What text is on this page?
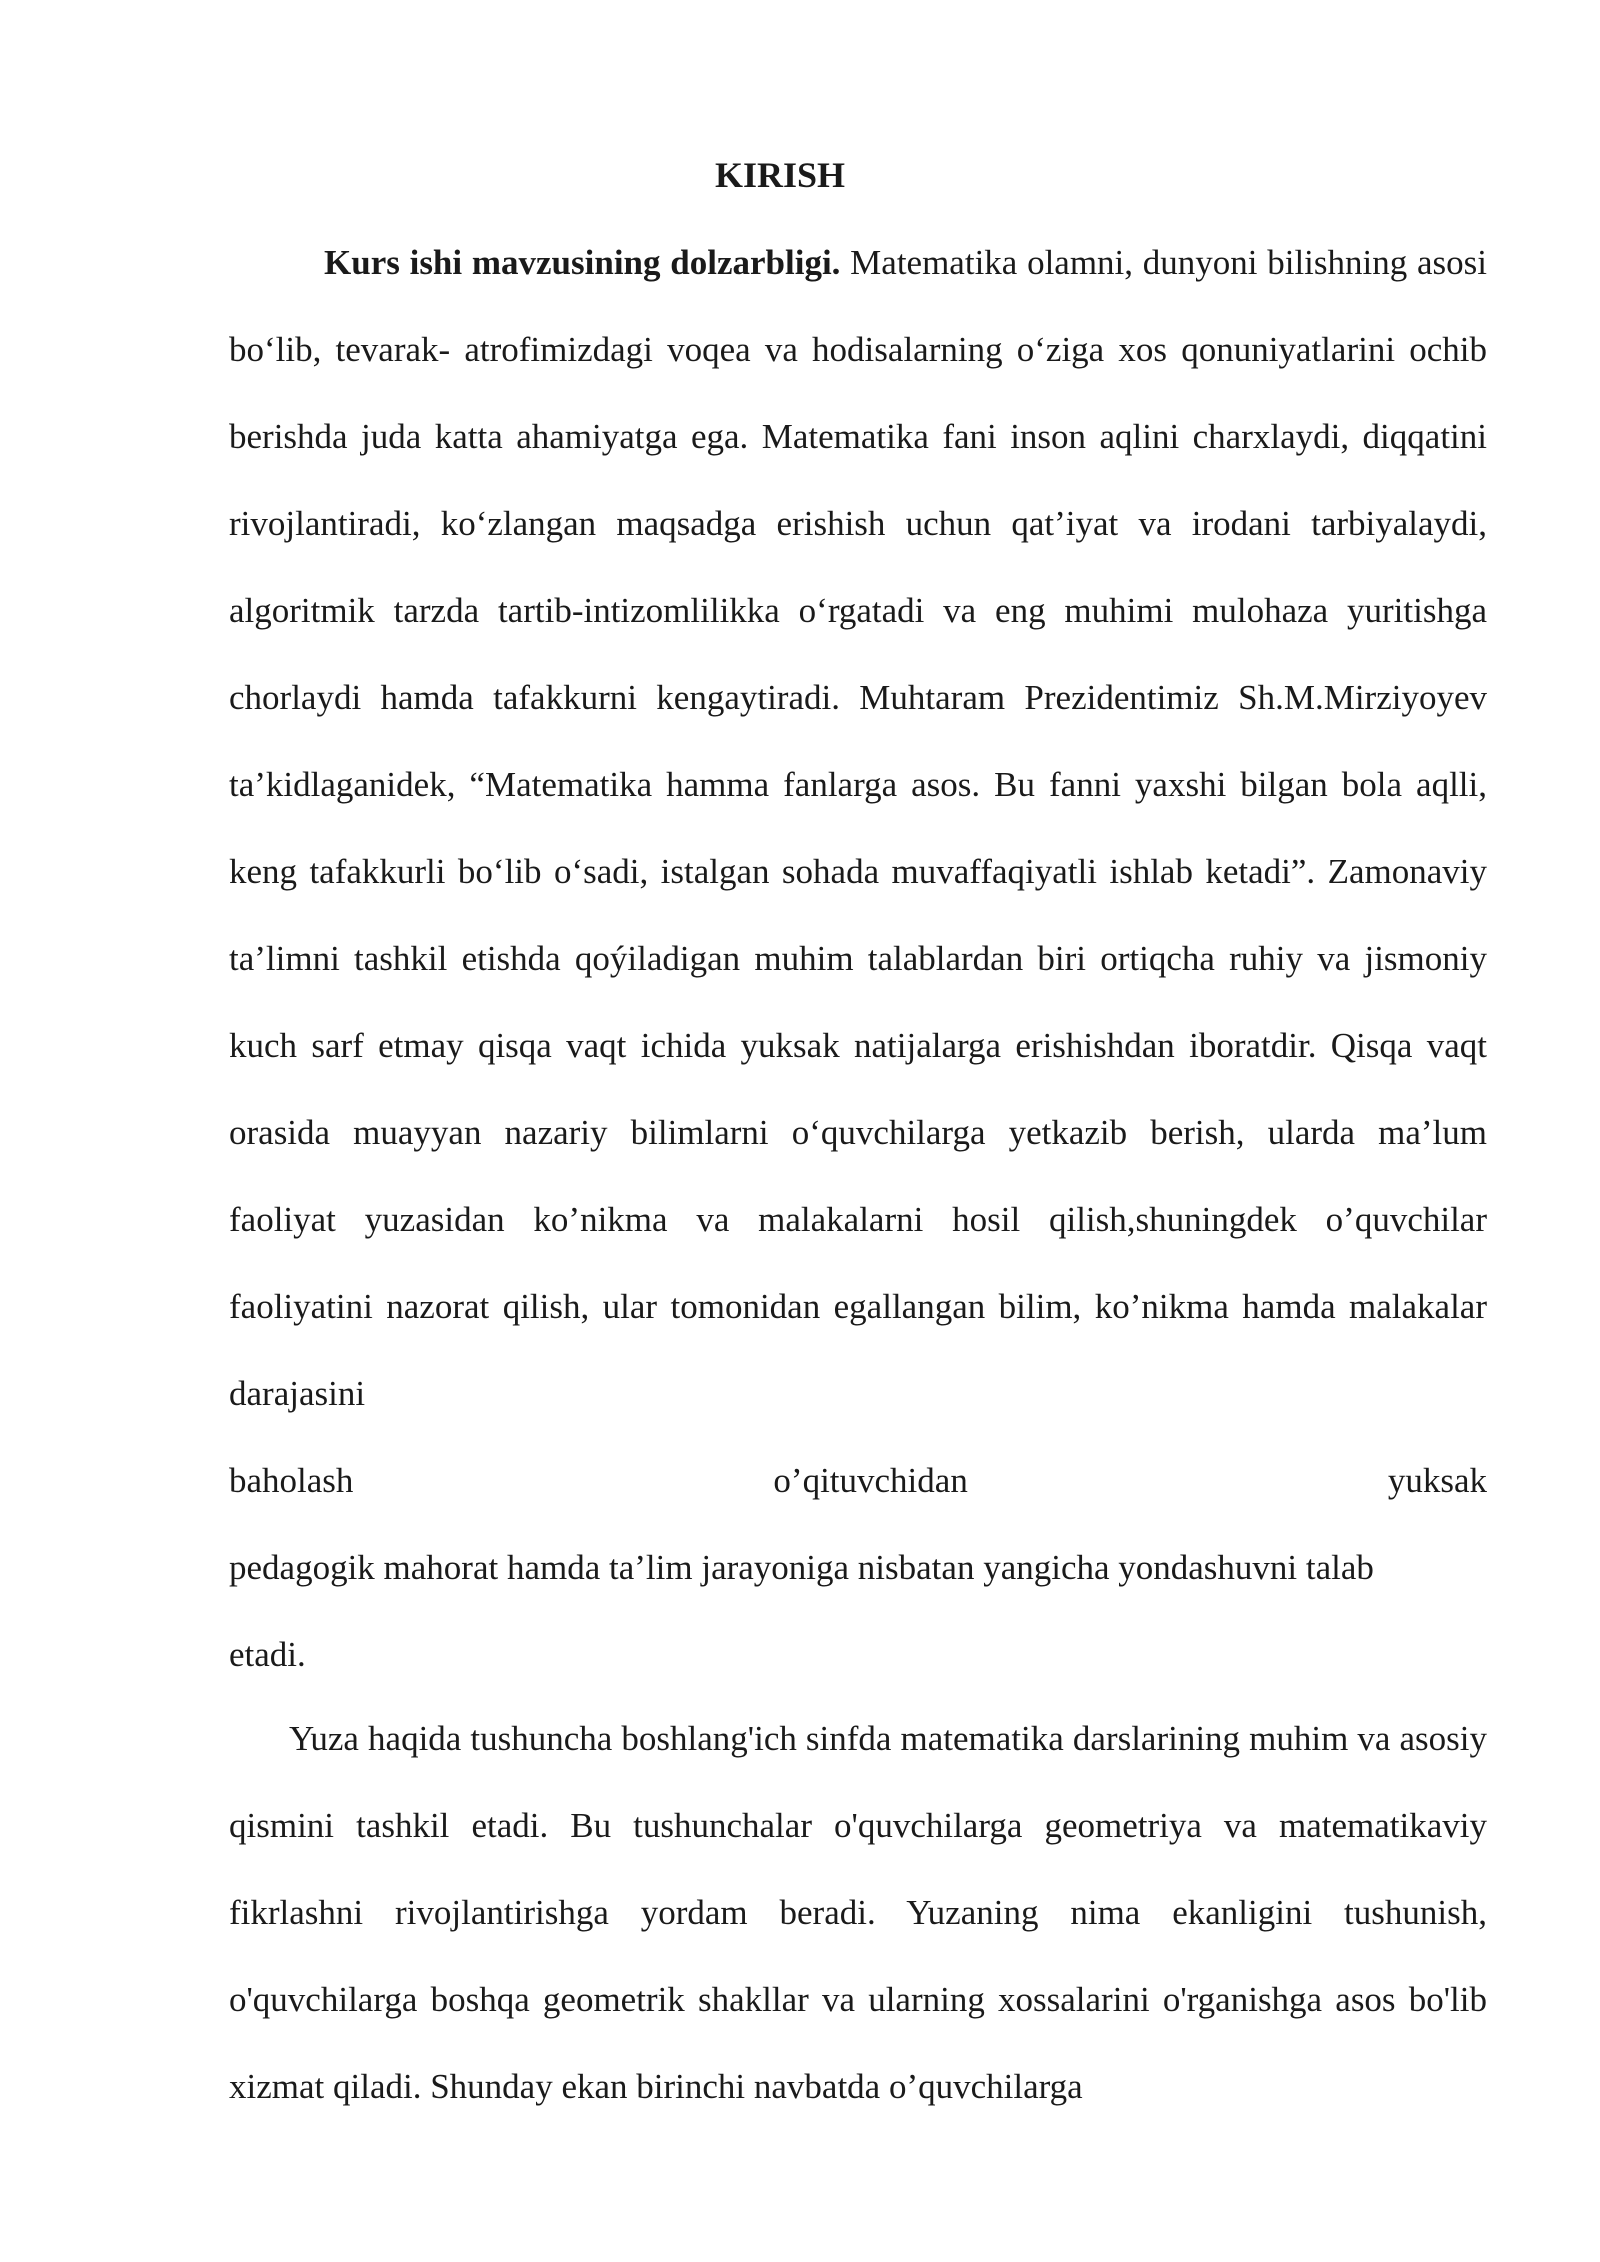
KIRISH

Kurs ishi mavzusining dolzarbligi. Matematika olamni, dunyoni bilishning asosi bo‘lib, tevarak- atrofimizdagi voqea va hodisalarning o‘ziga xos qonuniyatlarini ochib berishda juda katta ahamiyatga ega. Matematika fani inson aqlini charxlaydi, diqqatini rivojlantiradi, ko‘zlangan maqsadga erishish uchun qat’iyat va irodani tarbiyalaydi, algoritmik tarzda tartib-intizomlilikka o‘rgatadi va eng muhimi mulohaza yuritishga chorlaydi hamda tafakkurni kengaytiradi. Muhtaram Prezidentimiz Sh.M.Mirziyoyev ta’kidlaganidek, “Matematika hamma fanlarga asos. Bu fanni yaxshi bilgan bola aqlli, keng tafakkurli bo‘lib o‘sadi, istalgan sohada muvaffaqiyatli ishlab ketadi”. Zamonaviy ta’limni tashkil etishda qoýiladigan muhim talablardan biri ortiqcha ruhiy va jismoniy kuch sarf etmay qisqa vaqt ichida yuksak natijalarga erishishdan iboratdir. Qisqa vaqt orasida muayyan nazariy bilimlarni o‘quvchilarga yetkazib berish, ularda ma’lum faoliyat yuzasidan ko’nikma va malakalarni hosil qilish,shuningdek o’quvchilar faoliyatini nazorat qilish, ular tomonidan egallangan bilim, ko’nikma hamda malakalar darajasini

baholash	o’qituvchidan	yuksak
pedagogik mahorat hamda ta’lim jarayoniga nisbatan yangicha yondashuvni talab
etadi.

Yuza haqida tushuncha boshlang'ich sinfda matematika darslarining muhim va asosiy qismini tashkil etadi. Bu tushunchalar o'quvchilarga geometriya va matematikaviy fikrlashni rivojlantirishga yordam beradi. Yuzaning nima ekanligini tushunish, o'quvchilarga boshqa geometrik shakllar va ularning xossalarini o'rganishga asos bo'lib xizmat qiladi. Shunday ekan birinchi navbatda o’quvchilarga
